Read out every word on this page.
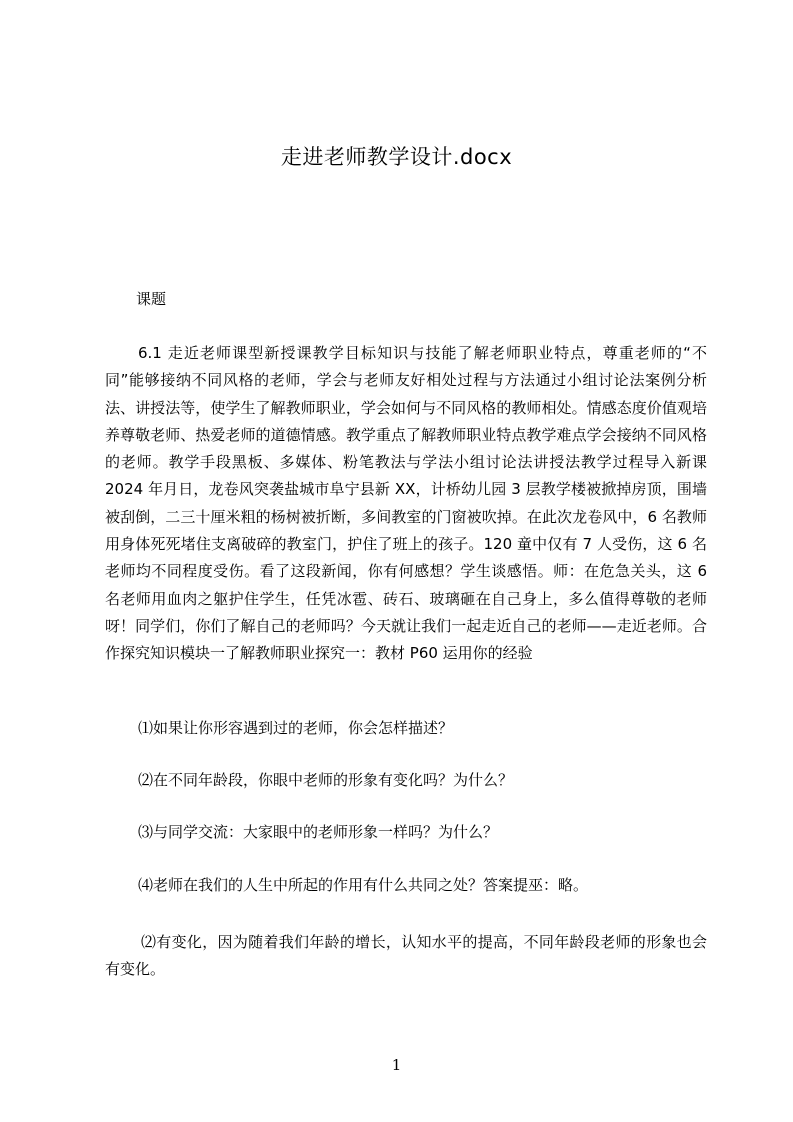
走进老师教学设计.docx
课题

6.1 走近老师课型新授课教学目标知识与技能了解老师职业特点，尊重老师的“不同”能够接纳不同风格的老师，学会与老师友好相处过程与方法通过小组讨论法案例分析法、讲授法等，使学生了解教师职业，学会如何与不同风格的教师相处。情感态度价值观培养尊敬老师、热爱老师的道德情感。教学重点了解教师职业特点教学难点学会接纳不同风格的老师。教学手段黑板、多媒体、粉笔教法与学法小组讨论法讲授法教学过程导入新课 2024 年月日，龙卷风突袭盐城市阜宁县新 XX，计桥幼儿园 3 层教学楼被掀掉房顶，围墙被刮倒，二三十厘米粗的杨树被折断，多间教室的门窗被吹掉。在此次龙卷风中，6 名教师用身体死死堵住支离破碎的教室门，护住了班上的孩子。120 童中仅有 7 人受伤，这 6 名老师均不同程度受伤。看了这段新闻，你有何感想？学生谈感悟。师：在危急关头，这 6 名老师用血肉之躯护住学生，任凭冰雹、砖石、玻璃砸在自己身上，多么值得尊敬的老师呀！同学们，你们了解自己的老师吗？今天就让我们一起走近自己的老师——走近老师。合作探究知识模块一了解教师职业探究一：教材 P60 运用你的经验

⑴如果让你形容遇到过的老师，你会怎样描述？

⑵在不同年龄段，你眼中老师的形象有变化吗？为什么？

⑶与同学交流：大家眼中的老师形象一样吗？为什么？

⑷老师在我们的人生中所起的作用有什么共同之处？答案提巫：略。

⑵有变化，因为随着我们年龄的增长，认知水平的提高，不同年龄段老师的形象也会有变化。

1
